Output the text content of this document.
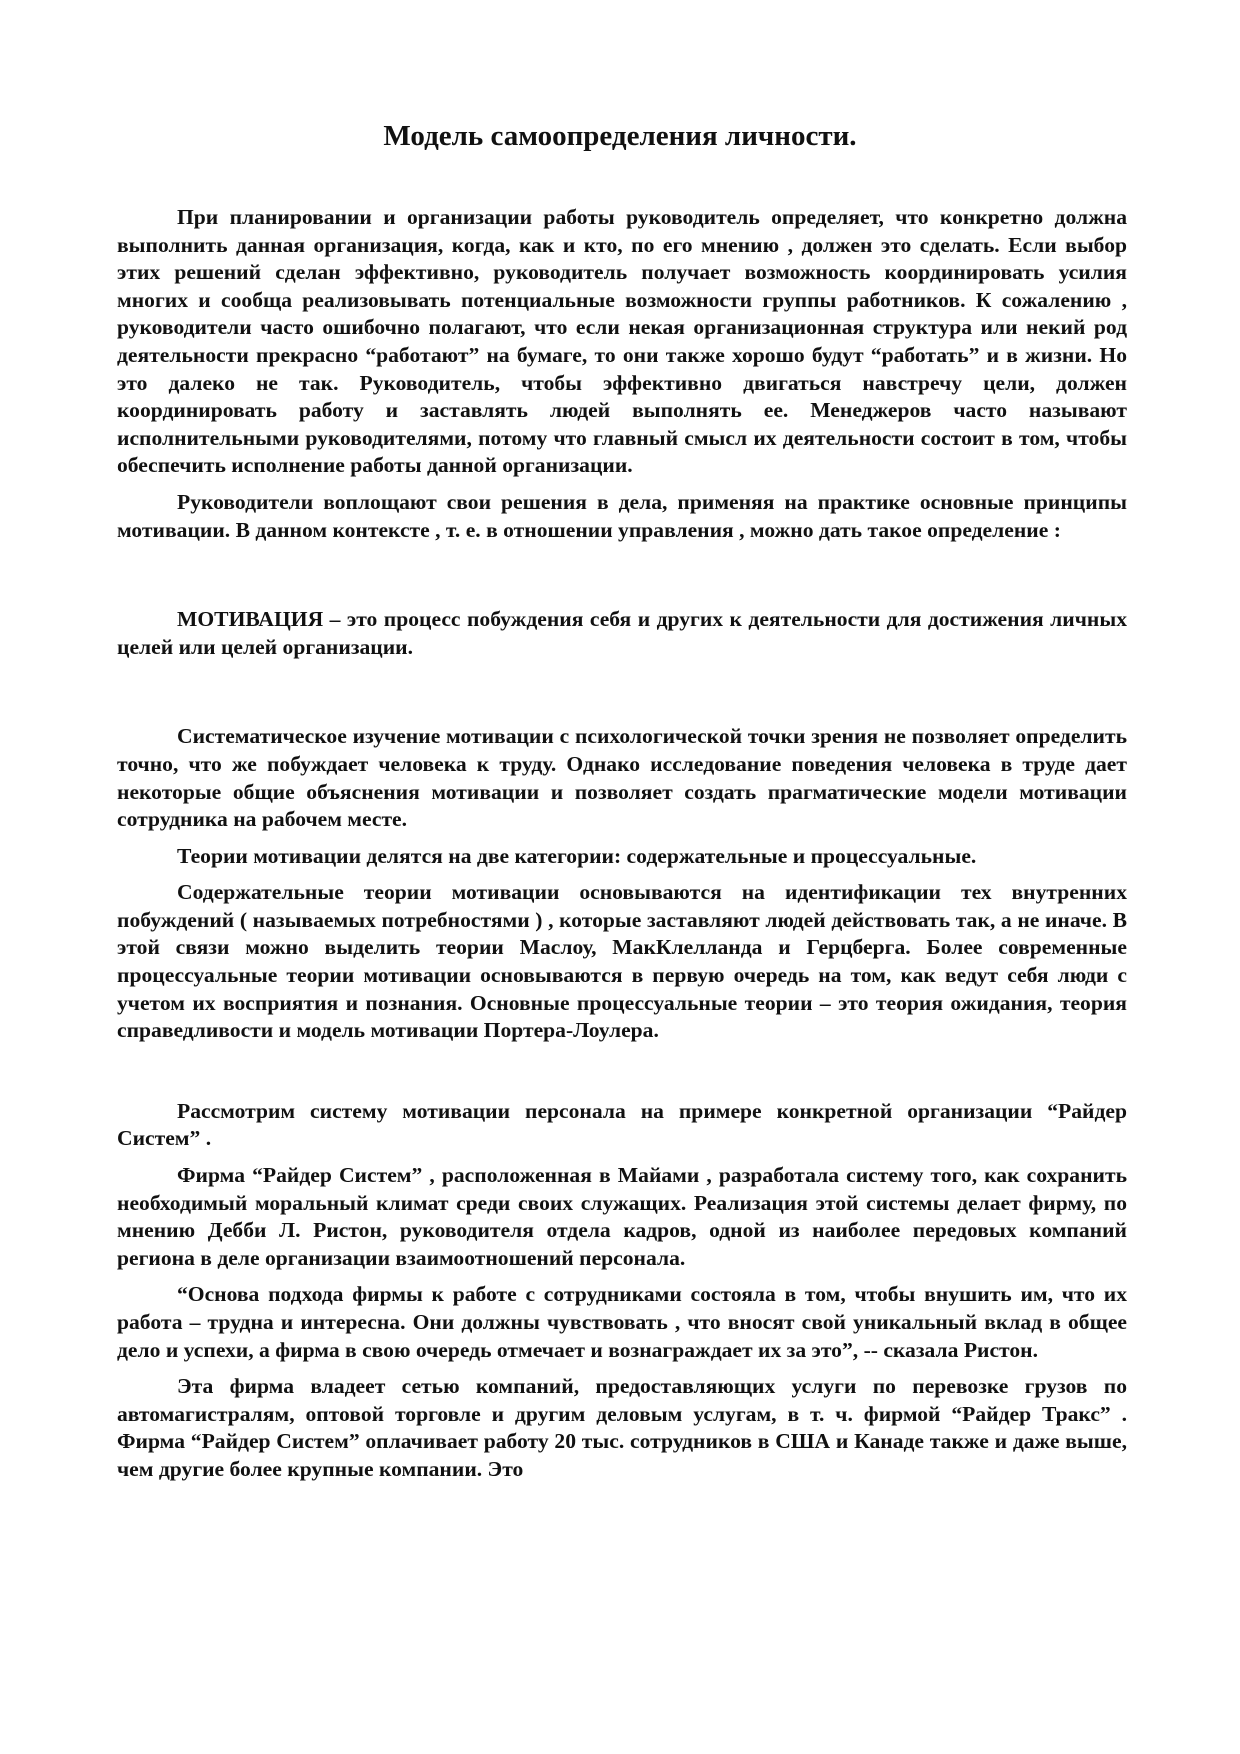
Модель самоопределения личности.

При планировании и организации работы руководитель определяет, что конкретно должна выполнить данная организация, когда, как и кто, по его мнению , должен это сделать. Если выбор этих решений сделан эффективно, руководитель получает возможность координировать усилия многих и сообща реализовывать потенциальные возможности группы работников. К сожалению , руководители часто ошибочно полагают, что если некая организационная структура или некий род деятельности прекрасно “работают” на бумаге, то они также хорошо будут “работать” и в жизни. Но это далеко не так. Руководитель, чтобы эффективно двигаться навстречу цели, должен координировать работу и заставлять людей выполнять ее. Менеджеров часто называют исполнительными руководителями, потому что главный смысл их деятельности состоит в том, чтобы обеспечить исполнение работы данной организации.

Руководители воплощают свои решения в дела, применяя на практике основные принципы мотивации. В данном контексте , т. е. в отношении управления , можно дать такое определение :

МОТИВАЦИЯ – это процесс побуждения себя и других к деятельности для достижения личных целей или целей организации.

Систематическое изучение мотивации с психологической точки зрения не позволяет определить точно, что же побуждает человека к труду. Однако исследование поведения человека в труде дает некоторые общие объяснения мотивации и позволяет создать прагматические модели мотивации сотрудника на рабочем месте.

Теории мотивации делятся на две категории: содержательные и процессуальные.

Содержательные теории мотивации основываются на идентификации тех внутренних побуждений ( называемых потребностями ) , которые заставляют людей действовать так, а не иначе. В этой связи можно выделить теории Маслоу, МакКлелланда и Герцберга. Более современные процессуальные теории мотивации основываются в первую очередь на том, как ведут себя люди с учетом их восприятия и познания. Основные процессуальные теории – это теория ожидания, теория справедливости и модель мотивации Портера-Лоулера.

Рассмотрим систему мотивации персонала на примере конкретной организации “Райдер Систем” .

Фирма “Райдер Систем” , расположенная в Майами , разработала систему того, как сохранить необходимый моральный климат среди своих служащих. Реализация этой системы делает фирму, по мнению Дебби Л. Ристон, руководителя отдела кадров, одной из наиболее передовых компаний региона в деле организации взаимоотношений персонала.

“Основа подхода фирмы к работе с сотрудниками состояла в том, чтобы внушить им, что их работа – трудна и интересна. Они должны чувствовать , что вносят свой уникальный вклад в общее дело и успехи, а фирма в свою очередь отмечает и вознаграждает их за это”, -- сказала Ристон.

Эта фирма владеет сетью компаний, предоставляющих услуги по перевозке грузов по автомагистралям, оптовой торговле и другим деловым услугам, в т. ч. фирмой “Райдер Тракс” . Фирма “Райдер Систем” оплачивает работу 20 тыс. сотрудников в США и Канаде также и даже выше, чем другие более крупные компании. Это
